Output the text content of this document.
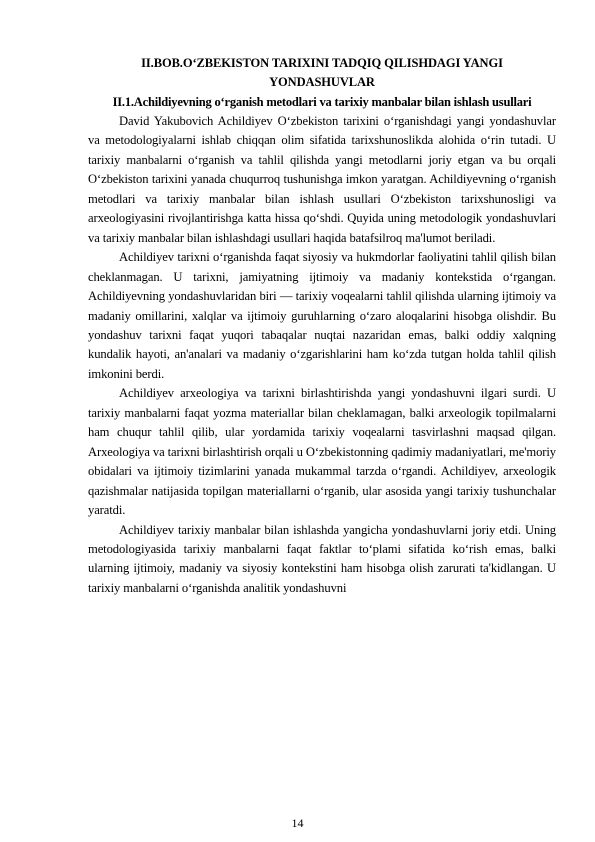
II.BOB.O‘ZBEKISTON TARIXINI TADQIQ QILISHDAGI YANGI YONDASHUVLAR
II.1.Achildiyevning o‘rganish metodlari va tarixiy manbalar bilan ishlash usullari

David Yakubovich Achildiyev O‘zbekiston tarixini o‘rganishdagi yangi yondashuvlar va metodologiyalarni ishlab chiqqan olim sifatida tarixshunoslikda alohida o‘rin tutadi. U tarixiy manbalarni o‘rganish va tahlil qilishda yangi metodlarni joriy etgan va bu orqali O‘zbekiston tarixini yanada chuqurroq tushunishga imkon yaratgan. Achildiyevning o‘rganish metodlari va tarixiy manbalar bilan ishlash usullari O‘zbekiston tarixshunosligi va arxeologiyasini rivojlantirishga katta hissa qo‘shdi. Quyida uning metodologik yondashuvlari va tarixiy manbalar bilan ishlashdagi usullari haqida batafsilroq ma'lumot beriladi.

Achildiyev tarixni o‘rganishda faqat siyosiy va hukmdorlar faoliyatini tahlil qilish bilan cheklanmagan. U tarixni, jamiyatning ijtimoiy va madaniy kontekstida o‘rgangan. Achildiyevning yondashuvlaridan biri — tarixiy voqealarni tahlil qilishda ularning ijtimoiy va madaniy omillarini, xalqlar va ijtimoiy guruhlarning o‘zaro aloqalarini hisobga olishdir. Bu yondashuv tarixni faqat yuqori tabaqalar nuqtai nazaridan emas, balki oddiy xalqning kundalik hayoti, an'analari va madaniy o‘zgarishlarini ham ko‘zda tutgan holda tahlil qilish imkonini berdi.

Achildiyev arxeologiya va tarixni birlashtirishda yangi yondashuvni ilgari surdi. U tarixiy manbalarni faqat yozma materiallar bilan cheklamagan, balki arxeologik topilmalarni ham chuqur tahlil qilib, ular yordamida tarixiy voqealarni tasvirlashni maqsad qilgan. Arxeologiya va tarixni birlashtirish orqali u O‘zbekistonning qadimiy madaniyatlari, me'moriy obidalari va ijtimoiy tizimlarini yanada mukammal tarzda o‘rgandi. Achildiyev, arxeologik qazishmalar natijasida topilgan materiallarni o‘rganib, ular asosida yangi tarixiy tushunchalar yaratdi.

Achildiyev tarixiy manbalar bilan ishlashda yangicha yondashuvlarni joriy etdi. Uning metodologiyasida tarixiy manbalarni faqat faktlar to‘plami sifatida ko‘rish emas, balki ularning ijtimoiy, madaniy va siyosiy kontekstini ham hisobga olish zarurati ta'kidlangan. U tarixiy manbalarni o‘rganishda analitik yondashuvni

14
